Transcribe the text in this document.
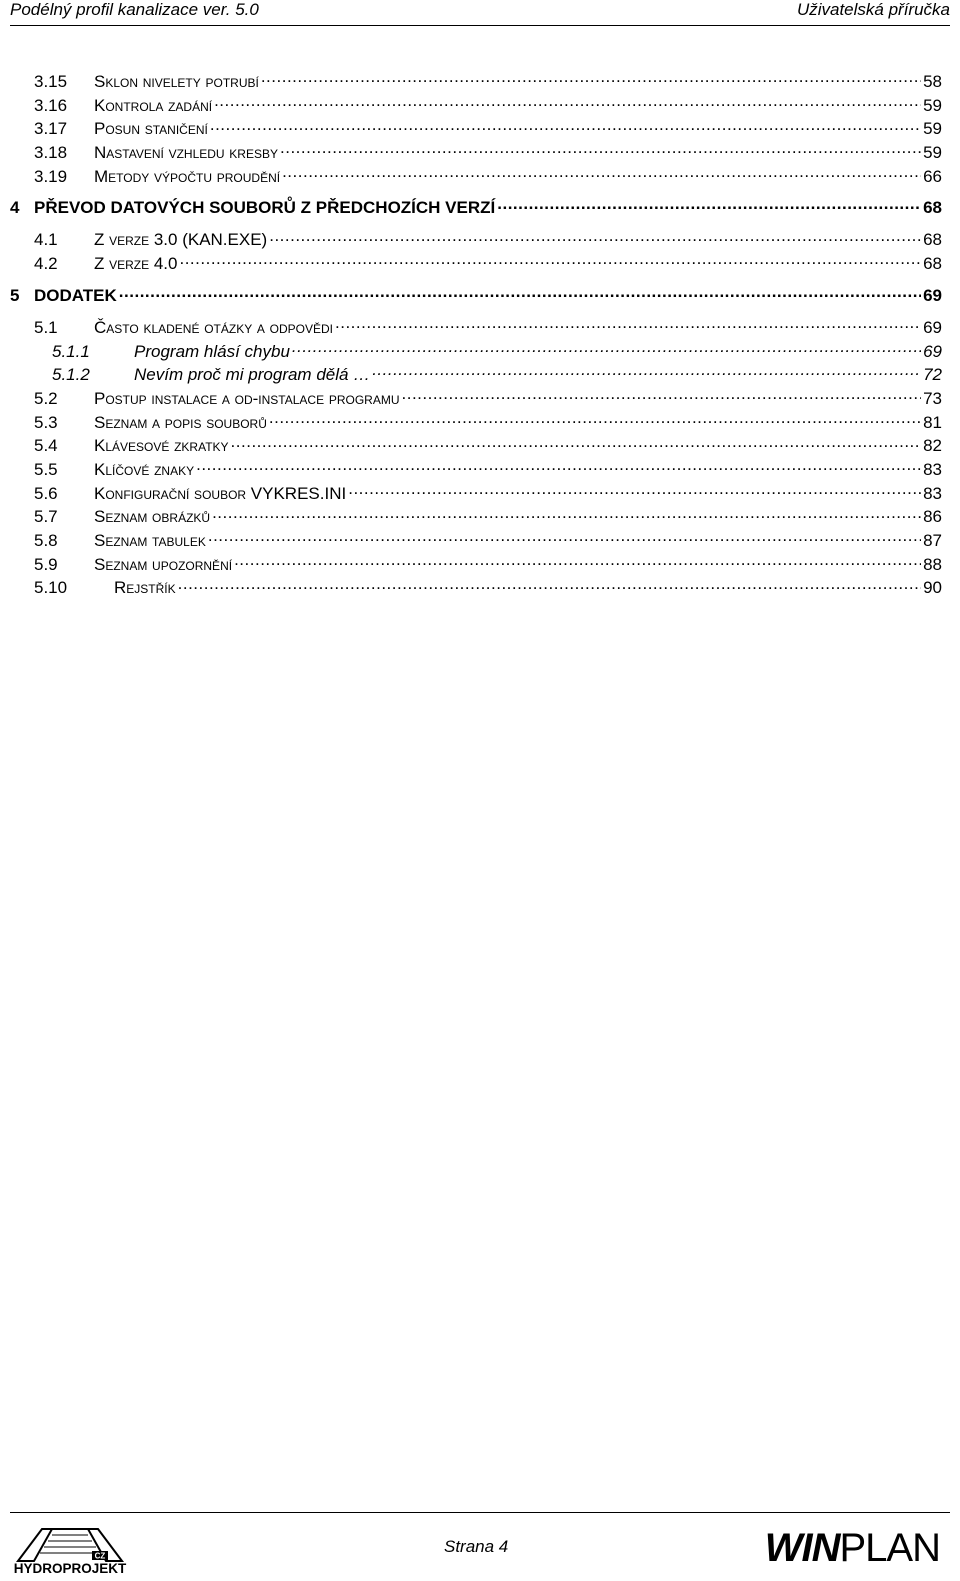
Podélný profil kanalizace ver. 5.0	Uživatelská příručka
3.15	Sklon nivelety potrubí .....	58
3.16	Kontrola zadání .....	59
3.17	Posun staničení .....	59
3.18	Nastavení vzhledu kresby .....	59
3.19	Metody výpočtu proudění .....	66
4 PŘEVOD DATOVÝCH SOUBORŮ Z PŘEDCHOZÍCH VERZÍ .....	68
4.1	Z verze 3.0 (KAN.EXE) .....	68
4.2	Z verze 4.0 .....	68
5 DODATEK .....	69
5.1	Často kladené otázky a odpovědi .....	69
5.1.1	Program hlásí chybu .....	69
5.1.2	Nevím proč mi program dělá … .....	72
5.2	Postup instalace a od-instalace programu .....	73
5.3	Seznam a popis souborů .....	81
5.4	Klávesové zkratky .....	82
5.5	Klíčové znaky .....	83
5.6	Konfigurační soubor VYKRES.INI .....	83
5.7	Seznam obrázků .....	86
5.8	Seznam tabulek .....	87
5.9	Seznam upozornění .....	88
5.10	Rejstřík .....	90
CZ
HYDROPROJEKT
Strana 4	WINPLAN
